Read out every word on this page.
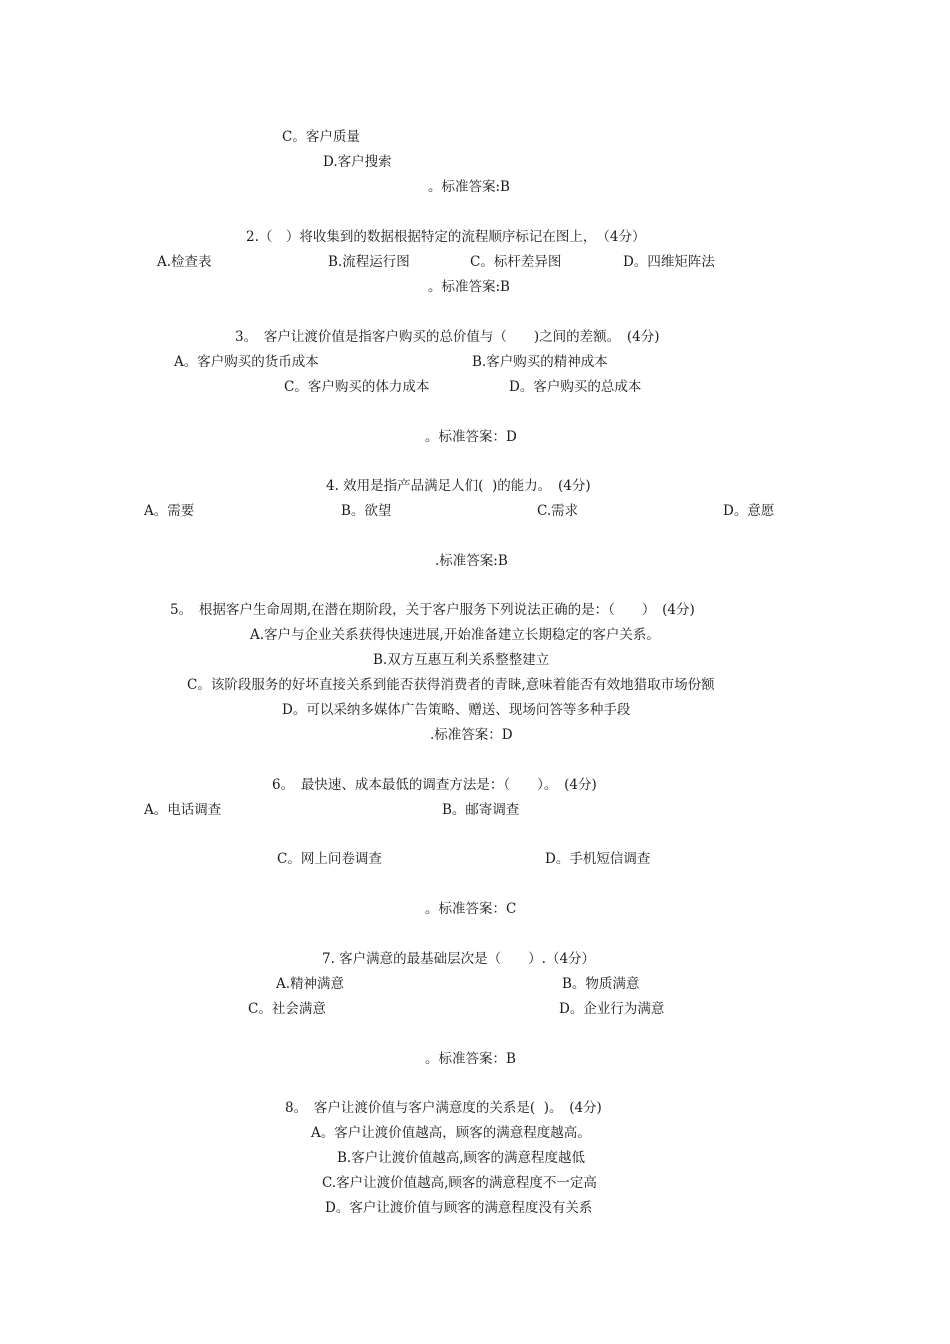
C。客户质量
D.客户搜索
。标准答案:B
2.（　）将收集到的数据根据特定的流程顺序标记在图上，　（4分）
A.检查表	B.流程运行图	C。标杆差异图	D。四维矩阵法
。标准答案:B
3。　客户让渡价值是指客户购买的总价值与（　　)之间的差额。　(4分)
A。客户购买的货币成本	B.客户购买的精神成本
C。客户购买的体力成本	D。客户购买的总成本
。标准答案：D
4. 效用是指产品满足人们(  )的能力。　(4分)
A。需要	B。欲望	C.需求	D。意愿
.标准答案:B
5。　根据客户生命周期,在潜在期阶段，关于客户服务下列说法正确的是：（　　）　(4分)
A.客户与企业关系获得快速进展,开始准备建立长期稳定的客户关系。
B.双方互惠互利关系整整建立
C。该阶段服务的好坏直接关系到能否获得消费者的青睐,意味着能否有效地猎取市场份额
D。可以采纳多媒体广告策略、赠送、现场问答等多种手段
.标准答案：D
6。　最快速、成本最低的调查方法是：（　　）。　(4分)
A。电话调查	B。邮寄调查
C。网上问卷调查	D。手机短信调查
。标准答案：C
7. 客户满意的最基础层次是（　　）.（4分）
A.精神满意	B。物质满意
C。社会满意	D。企业行为满意
。标准答案：B
8。　客户让渡价值与客户满意度的关系是(  )。　(4分)
A。客户让渡价值越高，顾客的满意程度越高。
B.客户让渡价值越高,顾客的满意程度越低
C.客户让渡价值越高,顾客的满意程度不一定高
D。客户让渡价值与顾客的满意程度没有关系
